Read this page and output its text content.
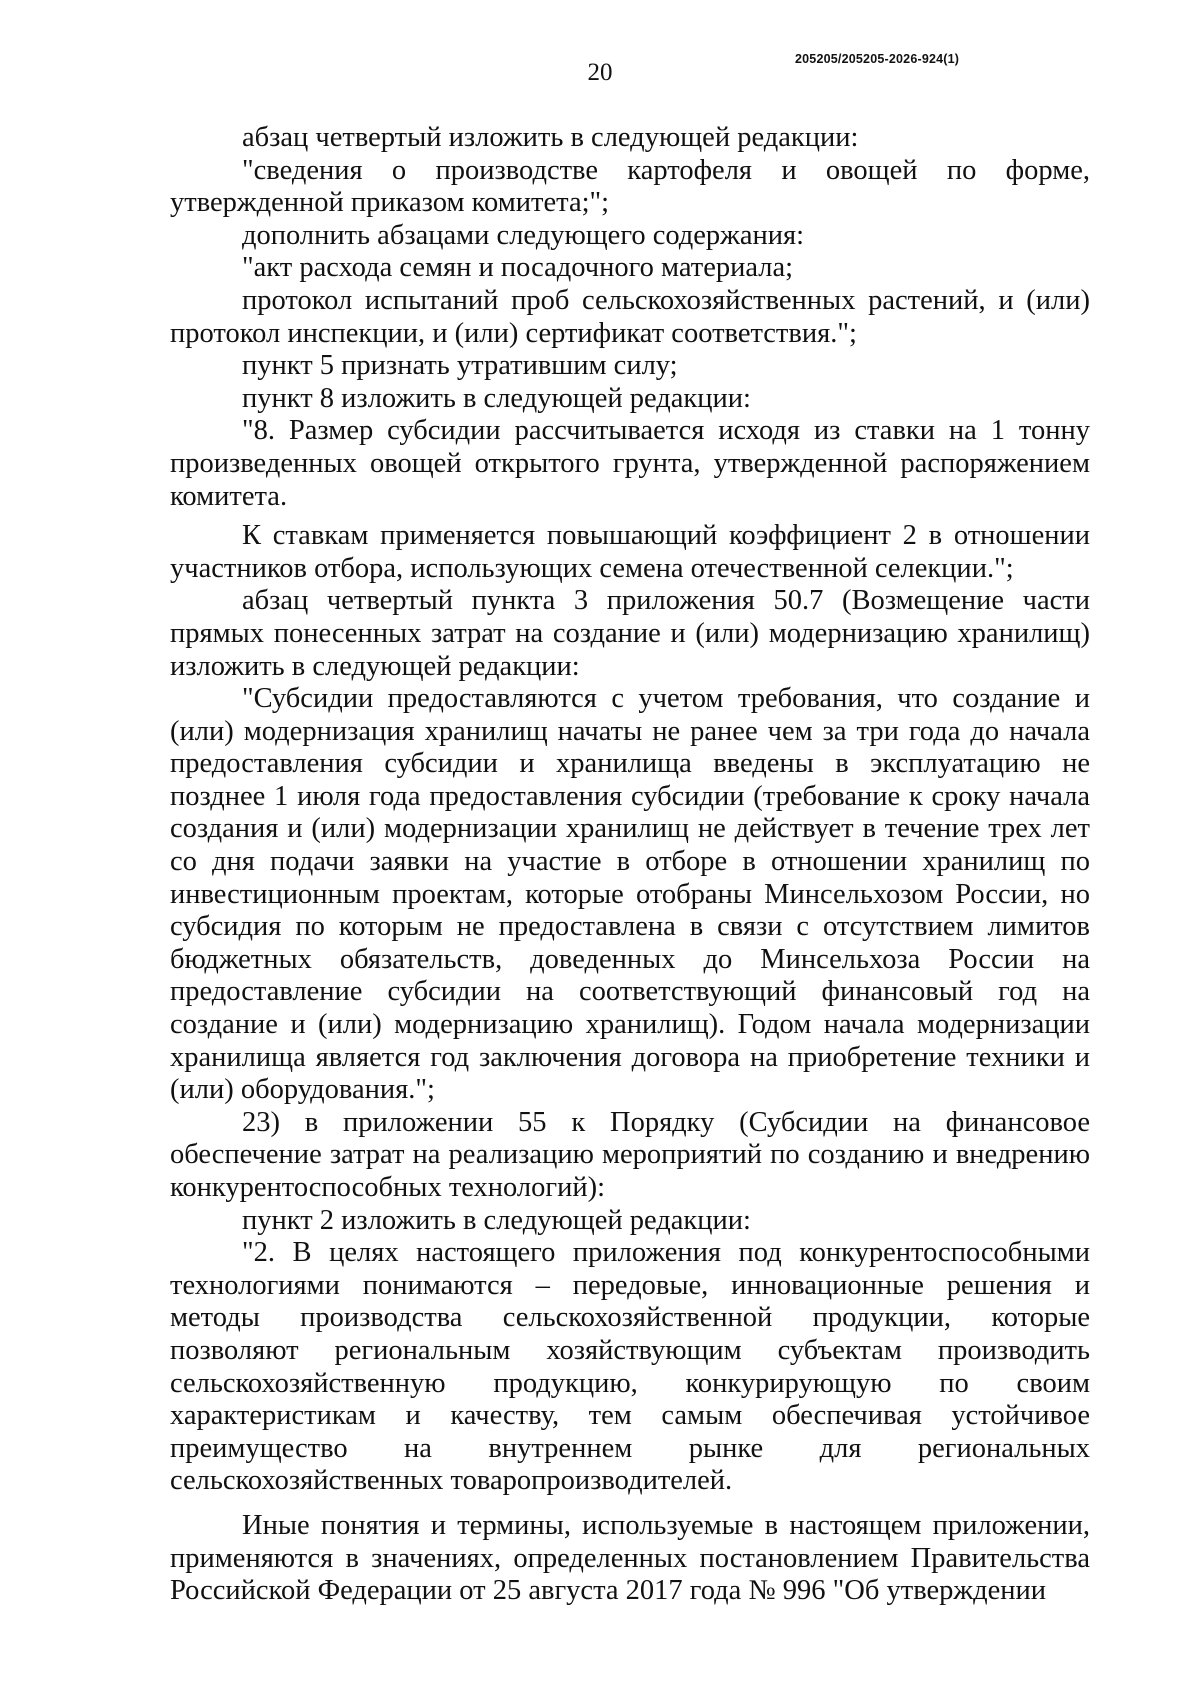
20	205205/205205-2026-924(1)

абзац четвертый изложить в следующей редакции:

"сведения о производстве картофеля и овощей по форме, утвержденной приказом комитета;";

дополнить абзацами следующего содержания:

"акт расхода семян и посадочного материала;

протокол испытаний проб сельскохозяйственных растений, и (или) протокол инспекции, и (или) сертификат соответствия.";

пункт 5 признать утратившим силу;

пункт 8 изложить в следующей редакции:

"8. Размер субсидии рассчитывается исходя из ставки на 1 тонну произведенных овощей открытого грунта, утвержденной распоряжением комитета.

К ставкам применяется повышающий коэффициент 2 в отношении участников отбора, использующих семена отечественной селекции.";

абзац четвертый пункта 3 приложения 50.7 (Возмещение части прямых понесенных затрат на создание и (или) модернизацию хранилищ) изложить в следующей редакции:

"Субсидии предоставляются с учетом требования, что создание и (или) модернизация хранилищ начаты не ранее чем за три года до начала предоставления субсидии и хранилища введены в эксплуатацию не позднее 1 июля года предоставления субсидии (требование к сроку начала создания и (или) модернизации хранилищ не действует в течение трех лет со дня подачи заявки на участие в отборе в отношении хранилищ по инвестиционным проектам, которые отобраны Минсельхозом России, но субсидия по которым не предоставлена в связи с отсутствием лимитов бюджетных обязательств, доведенных до Минсельхоза России на предоставление субсидии на соответствующий финансовый год на создание и (или) модернизацию хранилищ). Годом начала модернизации хранилища является год заключения договора на приобретение техники и (или) оборудования.";

23) в приложении 55 к Порядку (Субсидии на финансовое обеспечение затрат на реализацию мероприятий по созданию и внедрению конкурентоспособных технологий):

пункт 2 изложить в следующей редакции:

"2. В целях настоящего приложения под конкурентоспособными технологиями понимаются – передовые, инновационные решения и методы производства сельскохозяйственной продукции, которые позволяют региональным хозяйствующим субъектам производить сельскохозяйственную продукцию, конкурирующую по своим характеристикам и качеству, тем самым обеспечивая устойчивое преимущество на внутреннем рынке для региональных сельскохозяйственных товаропроизводителей.

Иные понятия и термины, используемые в настоящем приложении, применяются в значениях, определенных постановлением Правительства Российской Федерации от 25 августа 2017 года № 996 "Об утверждении
